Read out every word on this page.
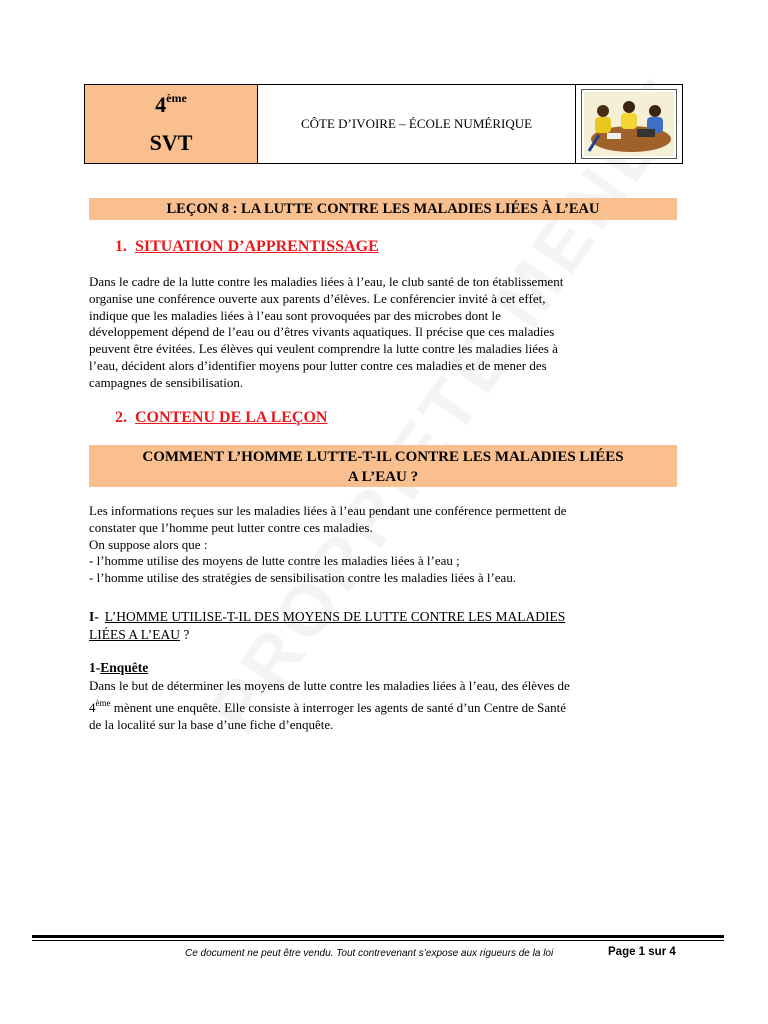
4ème
SVT
CÔTE D’IVOIRE – ÉCOLE NUMÉRIQUE
LEÇON 8 : LA LUTTE CONTRE LES MALADIES LIÉES À L’EAU
1. SITUATION D’APPRENTISSAGE
Dans le cadre de la lutte contre les maladies liées à l’eau, le club santé de ton établissement
organise une conférence ouverte aux parents d’élèves. Le conférencier invité à cet effet,
indique que les maladies liées à l’eau sont provoquées par des microbes dont le
développement dépend de l’eau ou d’êtres vivants aquatiques. Il précise que ces maladies
peuvent être évitées. Les élèves qui veulent comprendre la lutte contre les maladies liées à
l’eau, décident alors d’identifier moyens pour lutter contre ces maladies et de mener des
campagnes de sensibilisation.
2. CONTENU DE LA LEÇON
COMMENT L’HOMME LUTTE-T-IL CONTRE LES MALADIES LIÉES
A L’EAU ?
Les informations reçues sur les maladies liées à l’eau pendant une conférence permettent de
constater que l’homme peut lutter contre ces maladies.
On suppose alors que :
- l’homme utilise des moyens de lutte contre les maladies liées à l’eau ;
- l’homme utilise des stratégies de sensibilisation contre les maladies liées à l’eau.
I- L’HOMME UTILISE-T-IL DES MOYENS DE LUTTE CONTRE LES MALADIES
LIÉES A L’EAU ?
1-Enquête
Dans le but de déterminer les moyens de lutte contre les maladies liées à l’eau, des élèves de
4ème mènent une enquête. Elle consiste à interroger les agents de santé d’un Centre de Santé
de la localité sur la base d’une fiche d’enquête.
Ce document ne peut être vendu. Tout contrevenant s’expose aux rigueurs de la loi	Page 1 sur 4
